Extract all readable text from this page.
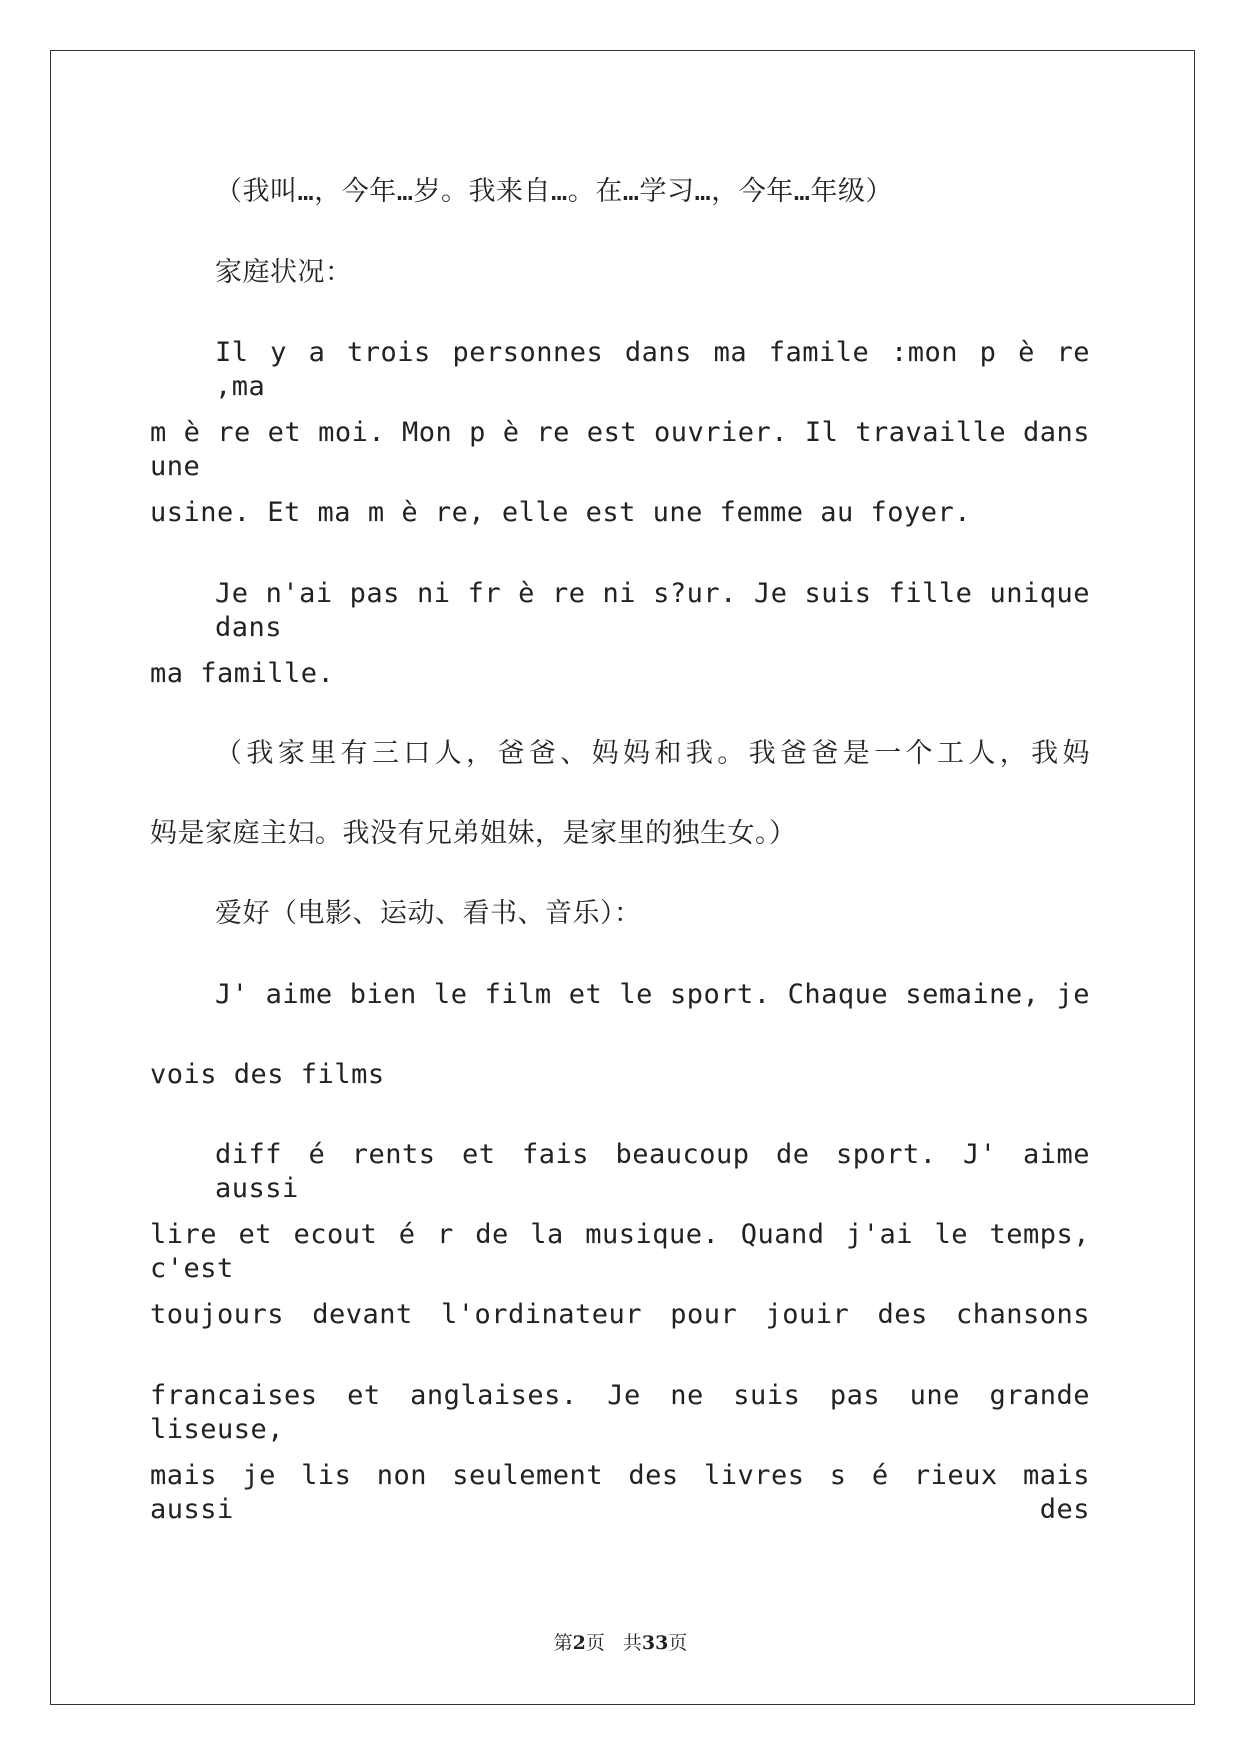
（我叫…，今年…岁。我来自…。在…学习…，今年…年级）
家庭状况：
Il y a trois personnes dans ma famile :mon p è re ,ma
m è re et moi. Mon p è re est ouvrier. Il travaille dans une
usine. Et ma m è re, elle est une femme au foyer.
Je n'ai pas ni fr è re ni s?ur. Je suis fille unique dans
ma famille.
（我家里有三口人，爸爸、妈妈和我。我爸爸是一个工人，我妈
妈是家庭主妇。我没有兄弟姐妹，是家里的独生女。）
爱好（电影、运动、看书、音乐）：
J' aime bien le film et le sport. Chaque semaine, je
vois des films
diff é rents et fais beaucoup de sport. J' aime aussi
lire et ecout é r de la musique. Quand j'ai le temps, c'est
toujours devant l'ordinateur pour jouir des chansons
francaises et anglaises. Je ne suis pas une grande liseuse,
mais je lis non seulement des livres s é rieux mais aussi des
第2页 共33页
